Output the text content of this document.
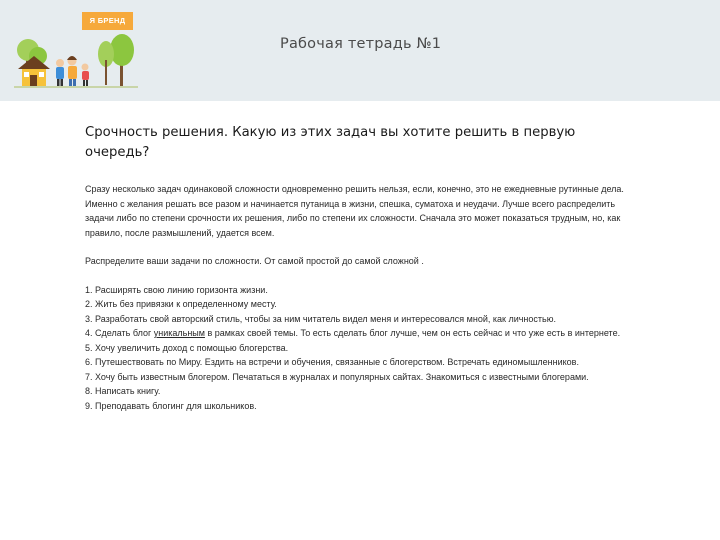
Я БРЕНД
Рабочая тетрадь №1

Срочность решения. Какую из этих задач вы хотите решить в первую очередь?

Сразу несколько задач одинаковой сложности одновременно решить нельзя, если, конечно, это не ежедневные рутинные дела.
Именно с желания решать все разом и начинается путаница в жизни, спешка, суматоха и неудачи. Лучше всего распределить задачи либо по степени срочности их решения, либо по степени их сложности. Сначала это может показаться трудным, но, как правило, после размышлений, удается всем.

Распределите ваши задачи по сложности. От самой простой до самой сложной .

1. Расширять свою линию горизонта жизни.
2. Жить без привязки к определенному месту.
3. Разработать свой авторский стиль, чтобы за ним читатель видел меня и интересовался мной, как личностью.
4. Сделать блог уникальным в рамках своей темы. То есть сделать блог лучше, чем он есть сейчас и что уже есть в интернете.
5. Хочу увеличить доход с помощью блогерства.
6. Путешествовать по Миру. Ездить на встречи и обучения, связанные с блогерством. Встречать единомышленников.
7. Хочу быть известным блогером. Печататься в журналах и популярных сайтах. Знакомиться с известными блогерами.
8. Написать книгу.
9. Преподавать блогинг для школьников.
